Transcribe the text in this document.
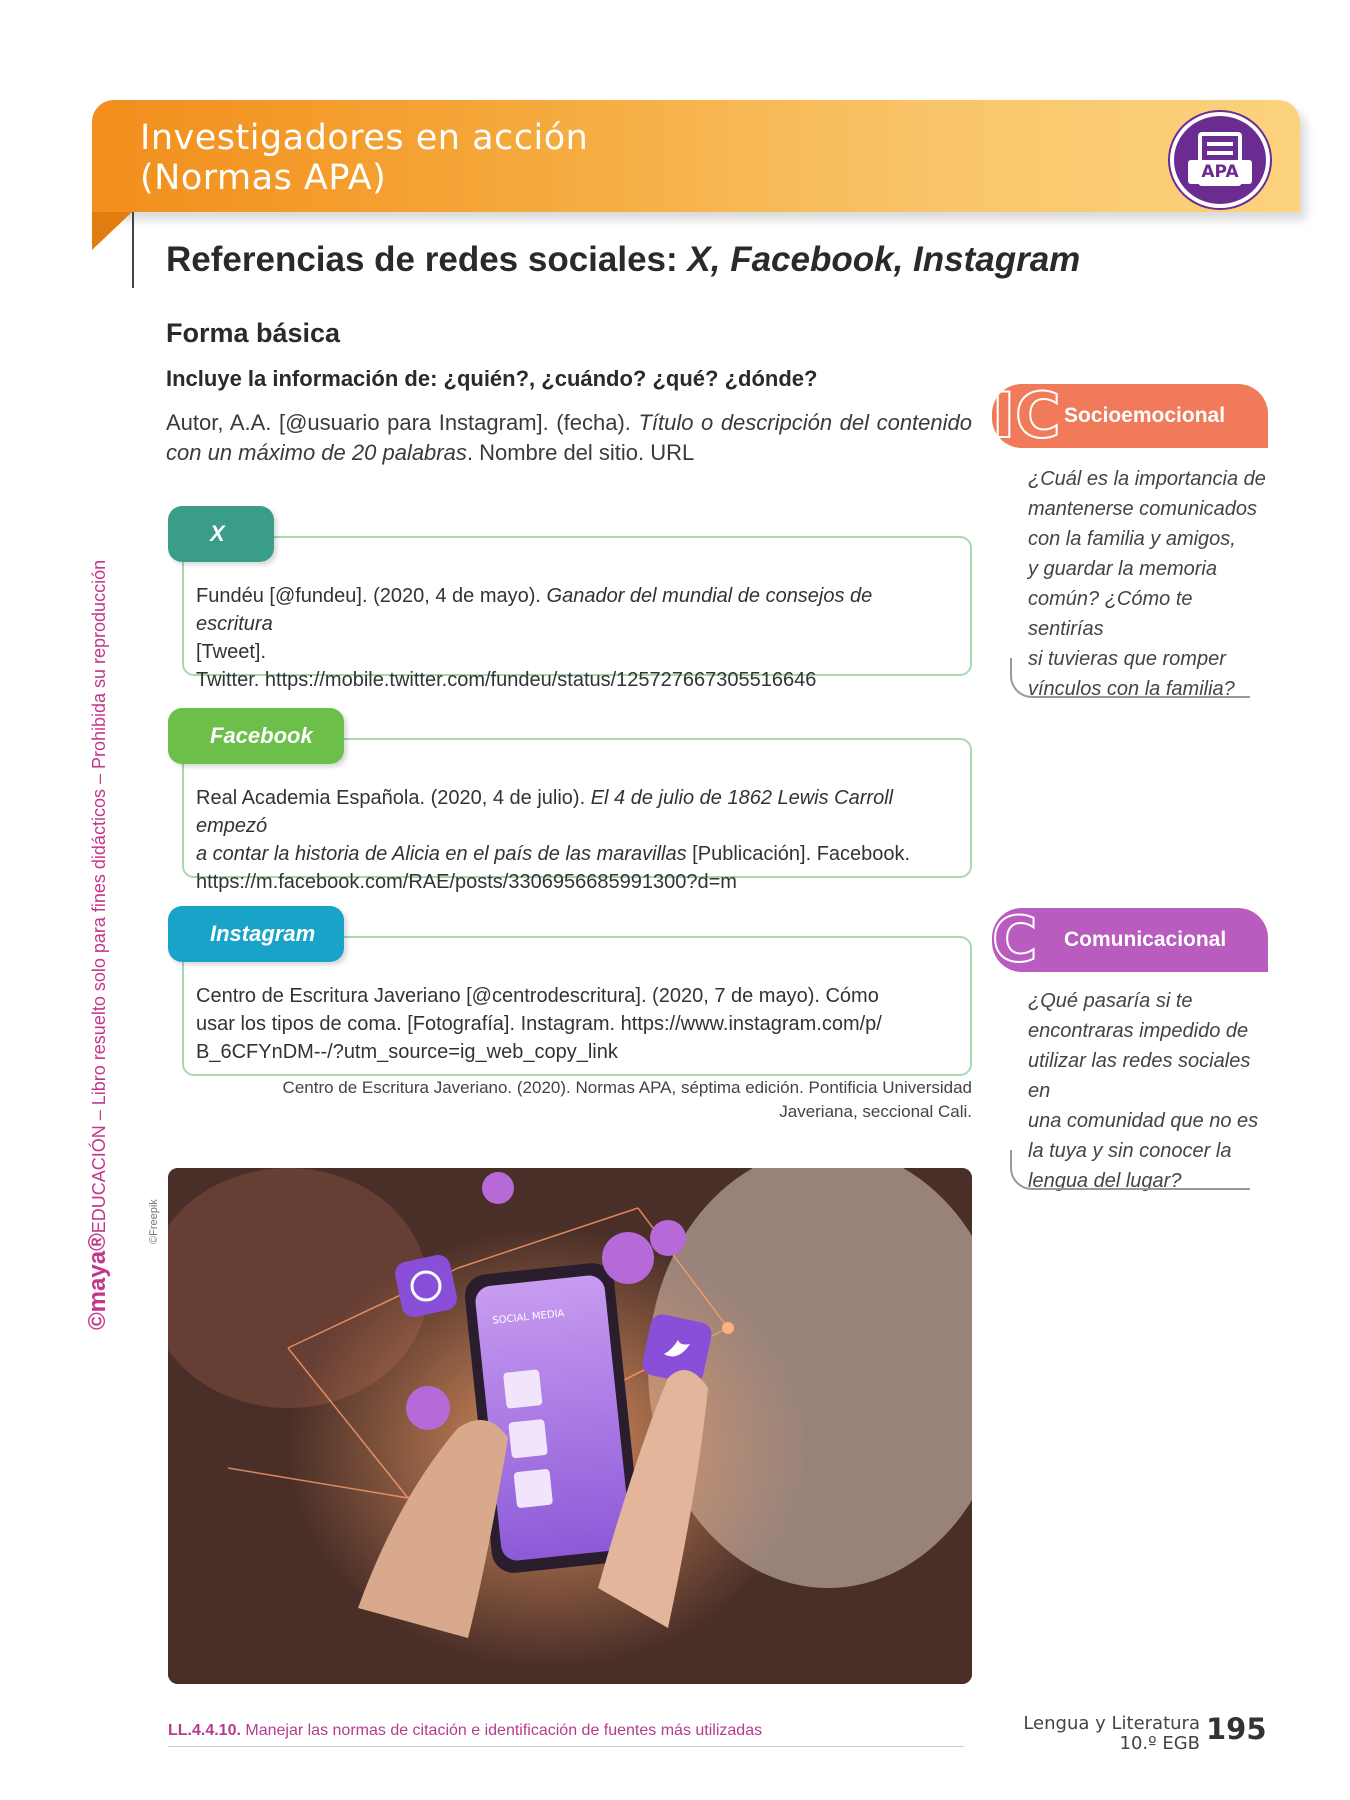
Investigadores en acción
(Normas APA)	APA
Referencias de redes sociales: X, Facebook, Instagram
Forma básica
Incluye la información de: ¿quién?, ¿cuándo? ¿qué? ¿dónde?
Autor, A.A. [@usuario para Instagram]. (fecha). Título o descripción del contenido con un máximo de 20 palabras. Nombre del sitio. URL
Fundéu [@fundeu]. (2020, 4 de mayo). Ganador del mundial de consejos de escritura
[Tweet].
Twitter. https://mobile.twitter.com/fundeu/status/125727667305516646
X
Real Academia Española. (2020, 4 de julio). El 4 de julio de 1862 Lewis Carroll empezó
a contar la historia de Alicia en el país de las maravillas [Publicación]. Facebook.
https://m.facebook.com/RAE/posts/3306956685991300?d=m
Facebook
Centro de Escritura Javeriano [@centrodescritura]. (2020, 7 de mayo). Cómo
usar los tipos de coma. [Fotografía]. Instagram. https://www.instagram.com/p/
B_6CFYnDM--/?utm_source=ig_web_copy_link
Instagram
Centro de Escritura Javeriano. (2020). Normas APA, séptima edición. Pontificia Universidad
Javeriana, seccional Cali.
©Freepik
SOCIAL MEDIA
Socioemocional
IC
¿Cuál es la importancia de
mantenerse comunicados
con la familia y amigos,
y guardar la memoria
común? ¿Cómo te sentirías
si tuvieras que romper
vínculos con la familia?
Comunicacional
C
¿Qué pasaría si te
encontraras impedido de
utilizar las redes sociales en
una comunidad que no es
la tuya y sin conocer la
lengua del lugar?
©maya®EDUCACIÓN – Libro resuelto solo para fines didácticos – Prohibida su reproducción
LL.4.4.10. Manejar las normas de citación e identificación de fuentes más utilizadas	Lengua y Literatura
10.º EGB 195
